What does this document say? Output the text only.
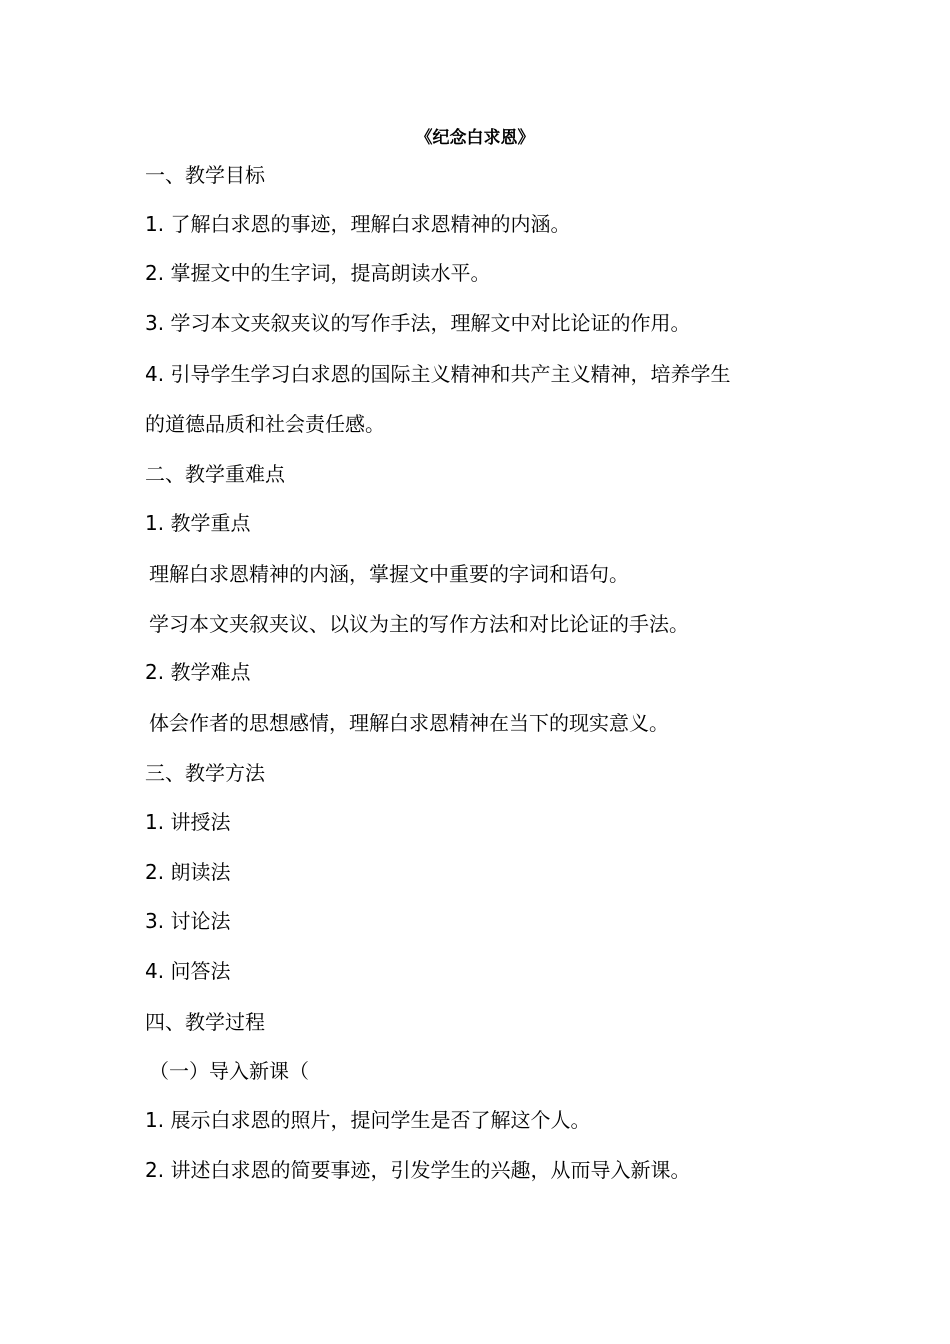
《纪念白求恩》
一、教学目标
1. 了解白求恩的事迹，理解白求恩精神的内涵。
2. 掌握文中的生字词，提高朗读水平。
3. 学习本文夹叙夹议的写作手法，理解文中对比论证的作用。
4. 引导学生学习白求恩的国际主义精神和共产主义精神，培养学生
的道德品质和社会责任感。
二、教学重难点
1. 教学重点
理解白求恩精神的内涵，掌握文中重要的字词和语句。
学习本文夹叙夹议、以议为主的写作方法和对比论证的手法。
2. 教学难点
体会作者的思想感情，理解白求恩精神在当下的现实意义。
三、教学方法
1. 讲授法
2. 朗读法
3. 讨论法
4. 问答法
四、教学过程
（一）导入新课（
1. 展示白求恩的照片，提问学生是否了解这个人。
2. 讲述白求恩的简要事迹，引发学生的兴趣，从而导入新课。
